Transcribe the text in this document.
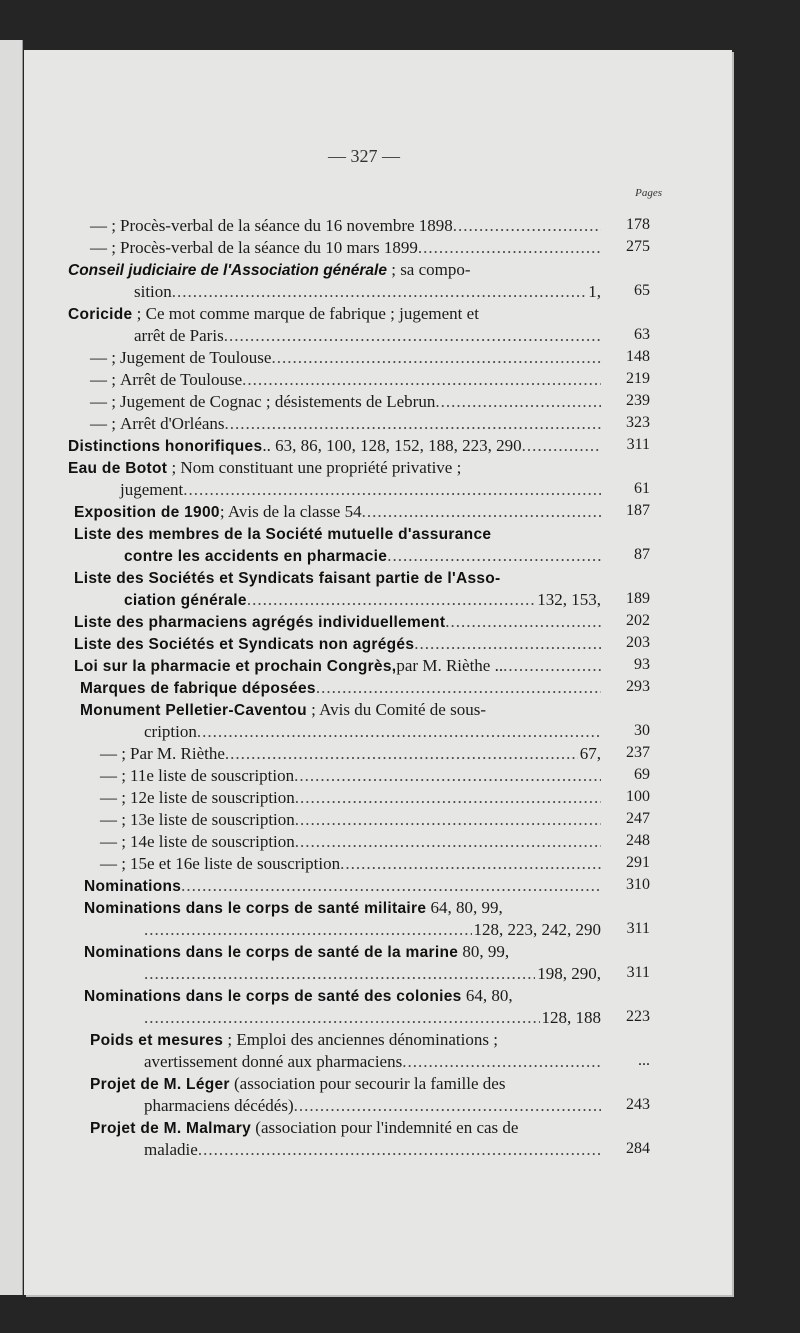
— 327 —
Pages
— ; Procès-verbal de la séance du 16 novembre 1898 .....	178
— ; Procès-verbal de la séance du 10 mars 1899 .....	275
Conseil judiciaire de l'Association générale ; sa compo-
sition .....	1,	65
Coricide ; Ce mot comme marque de fabrique ; jugement et
arrêt de Paris .....	63
— ; Jugement de Toulouse .....	148
— ; Arrêt de Toulouse .....	219
— ; Jugement de Cognac ; désistements de Lebrun .....	239
— ; Arrêt d'Orléans .....	323
Distinctions honorifiques .. 63, 86, 100, 128, 152, 188, 223, 290 .....	311
Eau de Botot ; Nom constituant une propriété privative ;
jugement .....	61
Exposition de 1900 ; Avis de la classe 54 .....	187
Liste des membres de la Société mutuelle d'assurance
contre les accidents en pharmacie .....	87
Liste des Sociétés et Syndicats faisant partie de l'Asso-
ciation générale .....	132, 153,	189
Liste des pharmaciens agrégés individuellement .....	202
Liste des Sociétés et Syndicats non agrégés .....	203
Loi sur la pharmacie et prochain Congrès, par M. Rièthe .. .....	93
Marques de fabrique déposées .....	293
Monument Pelletier-Caventou ; Avis du Comité de sous-
cription .....	30
— ; Par M. Rièthe .....	67,	237
— ; 11e liste de souscription .....	69
— ; 12e liste de souscription .....	100
— ; 13e liste de souscription .....	247
— ; 14e liste de souscription .....	248
— ; 15e et 16e liste de souscription .....	291
Nominations .....	310
Nominations dans le corps de santé militaire 64, 80, 99,
.....
128, 223, 242, 290	311
Nominations dans le corps de santé de la marine 80, 99,
.....
198, 290,	311
Nominations dans le corps de santé des colonies 64, 80,
.....
128, 188	223
Poids et mesures ; Emploi des anciennes dénominations ;
avertissement donné aux pharmaciens .....	...
Projet de M. Léger (association pour secourir la famille des
pharmaciens décédés) .....	243
Projet de M. Malmary (association pour l'indemnité en cas de
maladie .....	284
